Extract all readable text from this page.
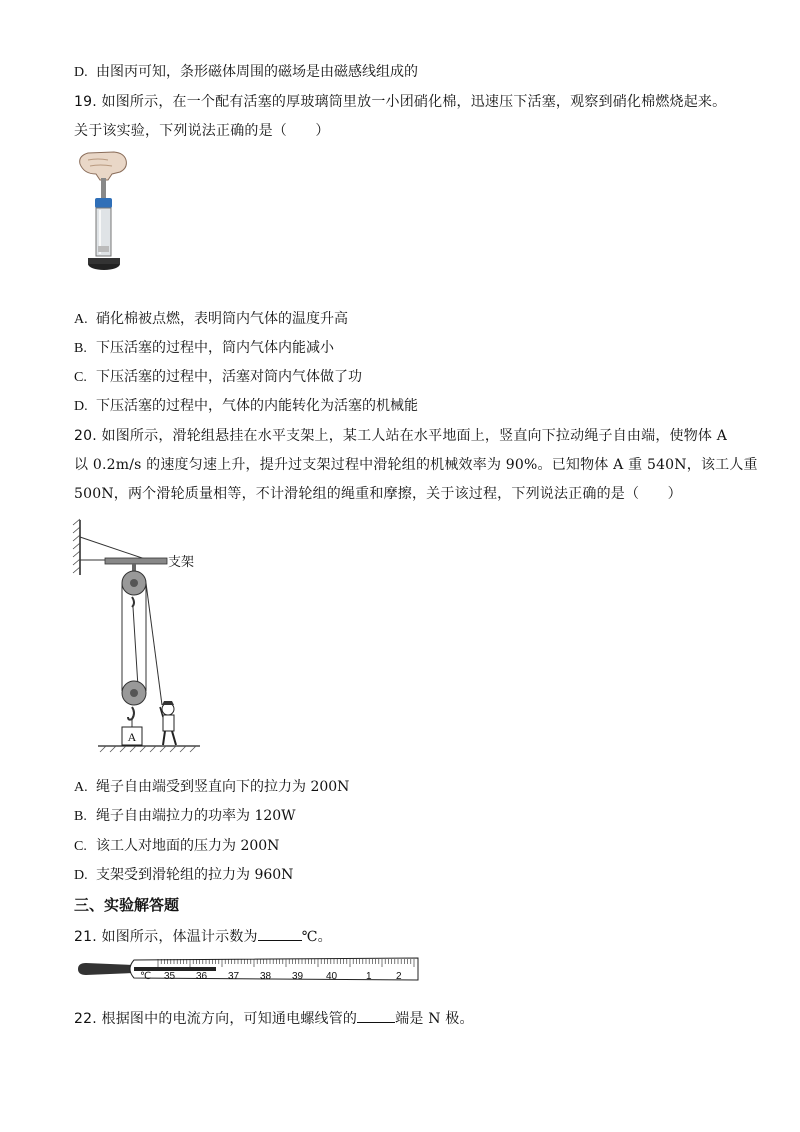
D. 由图丙可知，条形磁体周围的磁场是由磁感线组成的
19. 如图所示，在一个配有活塞的厚玻璃筒里放一小团硝化棉，迅速压下活塞，观察到硝化棉燃烧起来。
关于该实验，下列说法正确的是（　　）
A. 硝化棉被点燃，表明筒内气体的温度升高
B. 下压活塞的过程中，筒内气体内能减小
C. 下压活塞的过程中，活塞对筒内气体做了功
D. 下压活塞的过程中，气体的内能转化为活塞的机械能
20. 如图所示，滑轮组悬挂在水平支架上，某工人站在水平地面上，竖直向下拉动绳子自由端，使物体 A
以 0.2m/s 的速度匀速上升，提升过支架过程中滑轮组的机械效率为 90%。已知物体 A 重 540N，该工人重
500N，两个滑轮质量相等，不计滑轮组的绳重和摩擦，关于该过程，下列说法正确的是（　　）
支架
A
A. 绳子自由端受到竖直向下的拉力为 200N
B. 绳子自由端拉力的功率为 120W
C. 该工人对地面的压力为 200N
D. 支架受到滑轮组的拉力为 960N
三、实验解答题
21. 如图所示，体温计示数为	℃。
℃ 35 36 37 38 39 40	1 2
22. 根据图中的电流方向，可知通电螺线管的	端是 N 极。
